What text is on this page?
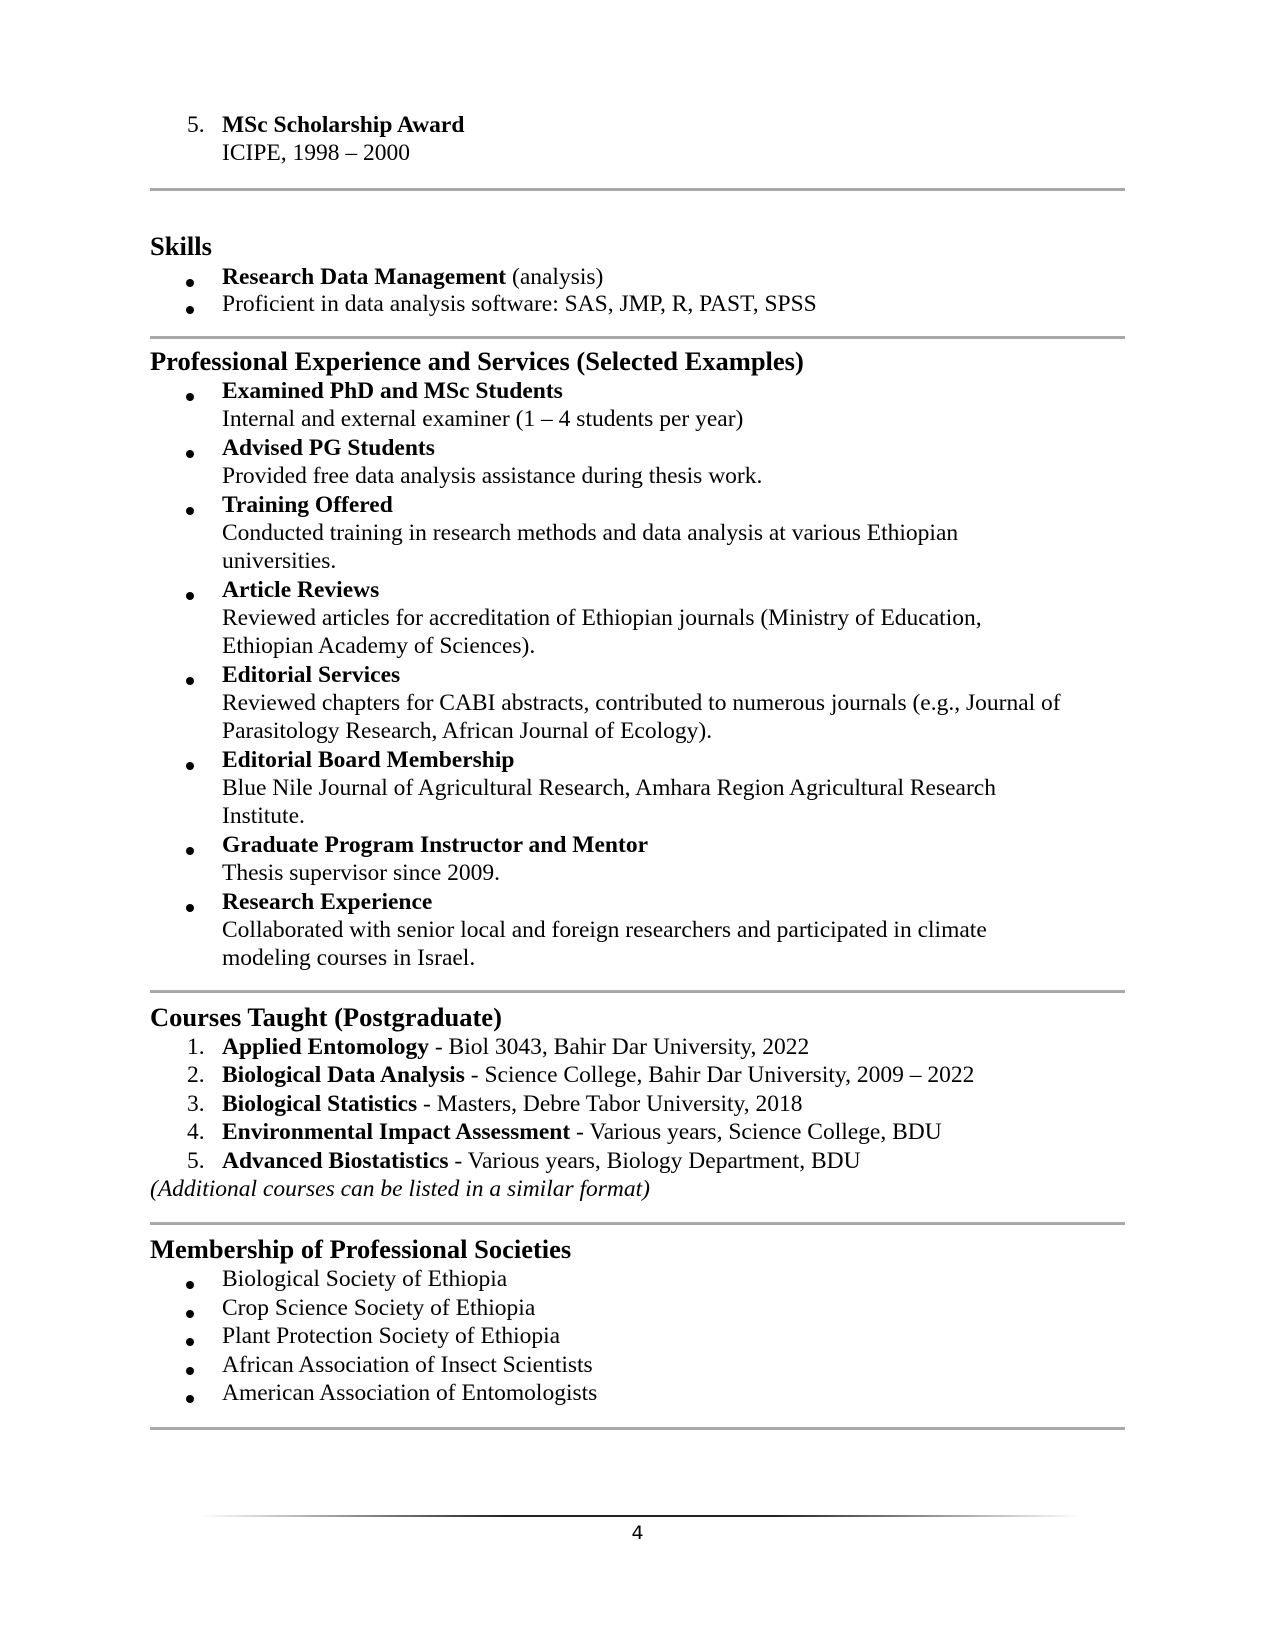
5. MSc Scholarship Award
ICIPE, 1998 – 2000
Skills
Research Data Management (analysis)
Proficient in data analysis software: SAS, JMP, R, PAST, SPSS
Professional Experience and Services (Selected Examples)
Examined PhD and MSc Students
Internal and external examiner (1 – 4 students per year)
Advised PG Students
Provided free data analysis assistance during thesis work.
Training Offered
Conducted training in research methods and data analysis at various Ethiopian
universities.
Article Reviews
Reviewed articles for accreditation of Ethiopian journals (Ministry of Education,
Ethiopian Academy of Sciences).
Editorial Services
Reviewed chapters for CABI abstracts, contributed to numerous journals (e.g., Journal of
Parasitology Research, African Journal of Ecology).
Editorial Board Membership
Blue Nile Journal of Agricultural Research, Amhara Region Agricultural Research
Institute.
Graduate Program Instructor and Mentor
Thesis supervisor since 2009.
Research Experience
Collaborated with senior local and foreign researchers and participated in climate
modeling courses in Israel.
Courses Taught (Postgraduate)
1. Applied Entomology - Biol 3043, Bahir Dar University, 2022
2. Biological Data Analysis - Science College, Bahir Dar University, 2009 – 2022
3. Biological Statistics - Masters, Debre Tabor University, 2018
4. Environmental Impact Assessment - Various years, Science College, BDU
5. Advanced Biostatistics - Various years, Biology Department, BDU
(Additional courses can be listed in a similar format)
Membership of Professional Societies
Biological Society of Ethiopia
Crop Science Society of Ethiopia
Plant Protection Society of Ethiopia
African Association of Insect Scientists
American Association of Entomologists
4
